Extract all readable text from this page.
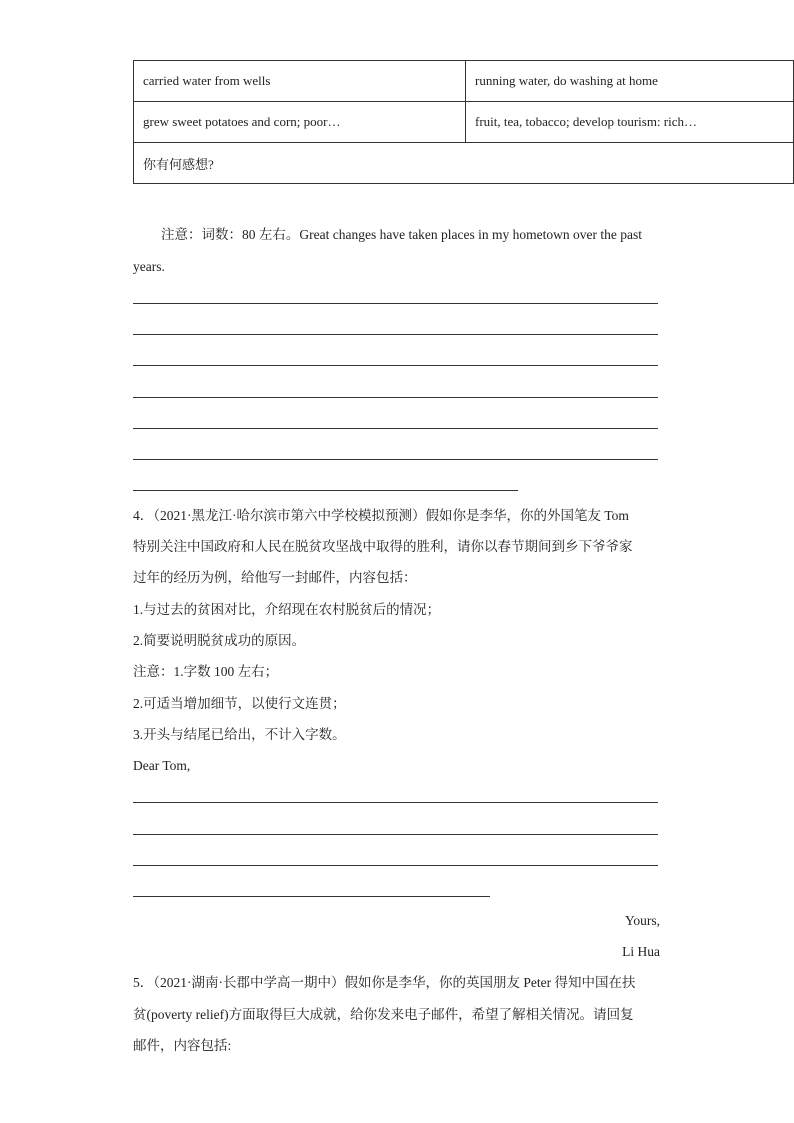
carried water from wells	running water, do washing at home
grew sweet potatoes and corn; poor…	fruit, tea, tobacco; develop tourism: rich…
你有何感想?	
注意：词数：80 左右。Great changes have taken places in my hometown over the past
years.
4．（2021·黑龙江·哈尔滨市第六中学校模拟预测）假如你是李华，你的外国笔友 Tom
特别关注中国政府和人民在脱贫攻坚战中取得的胜利，请你以春节期间到乡下爷爷家
过年的经历为例，给他写一封邮件，内容包括：
1.与过去的贫困对比，介绍现在农村脱贫后的情况；
2.简要说明脱贫成功的原因。
注意：1.字数 100 左右；
2.可适当增加细节，以使行文连贯；
3.开头与结尾已给出，不计入字数。
Dear Tom,
Yours,
Li Hua
5．（2021·湖南·长郡中学高一期中）假如你是李华，你的英国朋友 Peter 得知中国在扶
贫(poverty relief)方面取得巨大成就，给你发来电子邮件，希望了解相关情况。请回复
邮件，内容包括:
